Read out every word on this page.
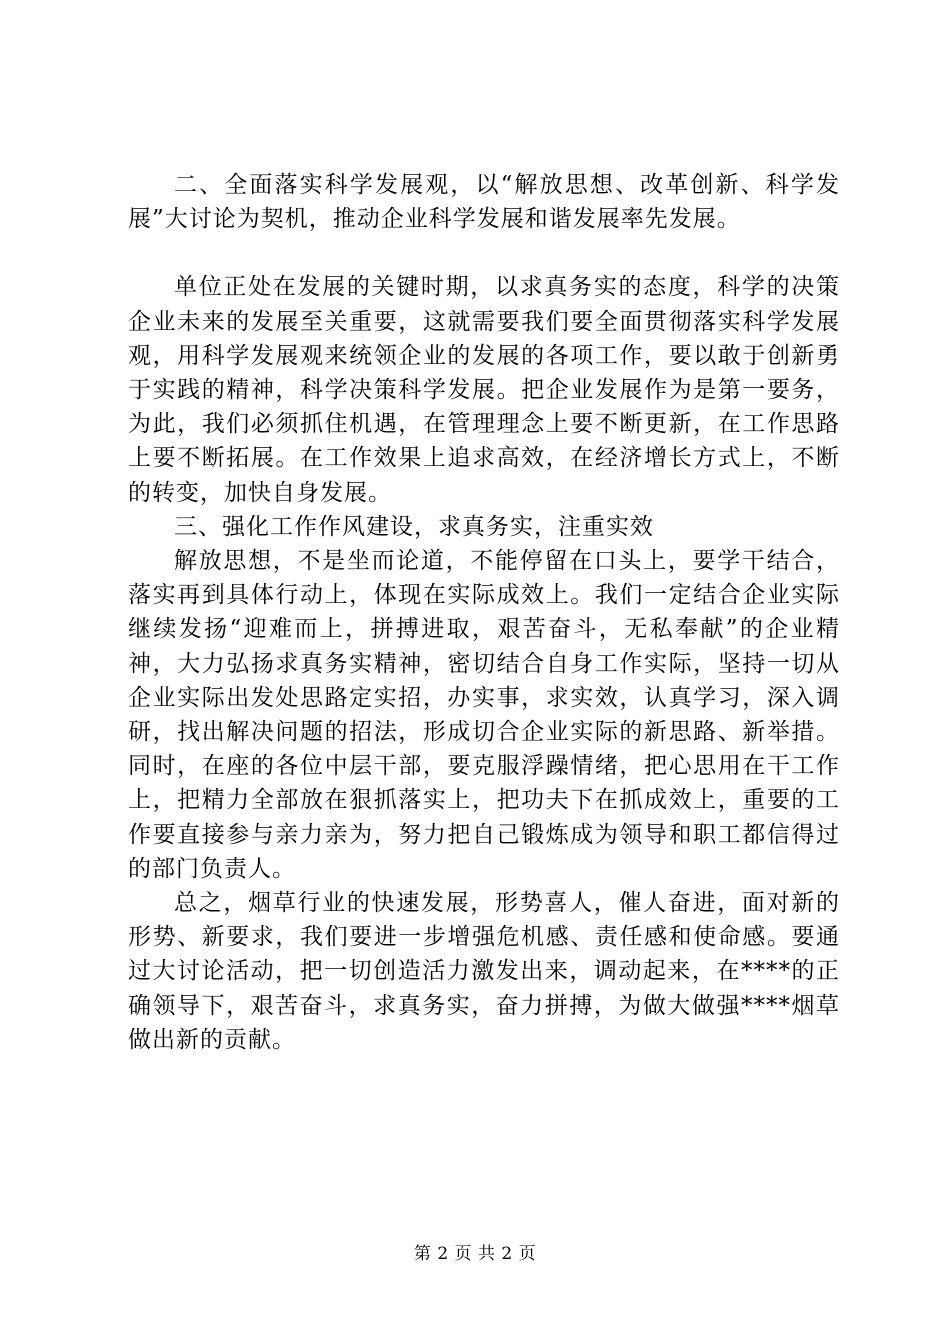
二、全面落实科学发展观，以“解放思想、改革创新、科学发展”大讨论为契机，推动企业科学发展和谐发展率先发展。

单位正处在发展的关键时期，以求真务实的态度，科学的决策企业未来的发展至关重要，这就需要我们要全面贯彻落实科学发展观，用科学发展观来统领企业的发展的各项工作，要以敢于创新勇于实践的精神，科学决策科学发展。把企业发展作为是第一要务，为此，我们必须抓住机遇，在管理理念上要不断更新，在工作思路上要不断拓展。在工作效果上追求高效，在经济增长方式上，不断的转变，加快自身发展。

三、强化工作作风建设，求真务实，注重实效

解放思想，不是坐而论道，不能停留在口头上，要学干结合，落实再到具体行动上，体现在实际成效上。我们一定结合企业实际继续发扬“迎难而上，拼搏进取，艰苦奋斗，无私奉献”的企业精神，大力弘扬求真务实精神，密切结合自身工作实际，坚持一切从企业实际出发处思路定实招，办实事，求实效，认真学习，深入调研，找出解决问题的招法，形成切合企业实际的新思路、新举措。同时，在座的各位中层干部，要克服浮躁情绪，把心思用在干工作上，把精力全部放在狠抓落实上，把功夫下在抓成效上，重要的工作要直接参与亲力亲为，努力把自己锻炼成为领导和职工都信得过的部门负责人。

总之，烟草行业的快速发展，形势喜人，催人奋进，面对新的形势、新要求，我们要进一步增强危机感、责任感和使命感。要通过大讨论活动，把一切创造活力激发出来，调动起来，在****的正确领导下，艰苦奋斗，求真务实，奋力拼搏，为做大做强****烟草做出新的贡献。

第 2 页 共 2 页
